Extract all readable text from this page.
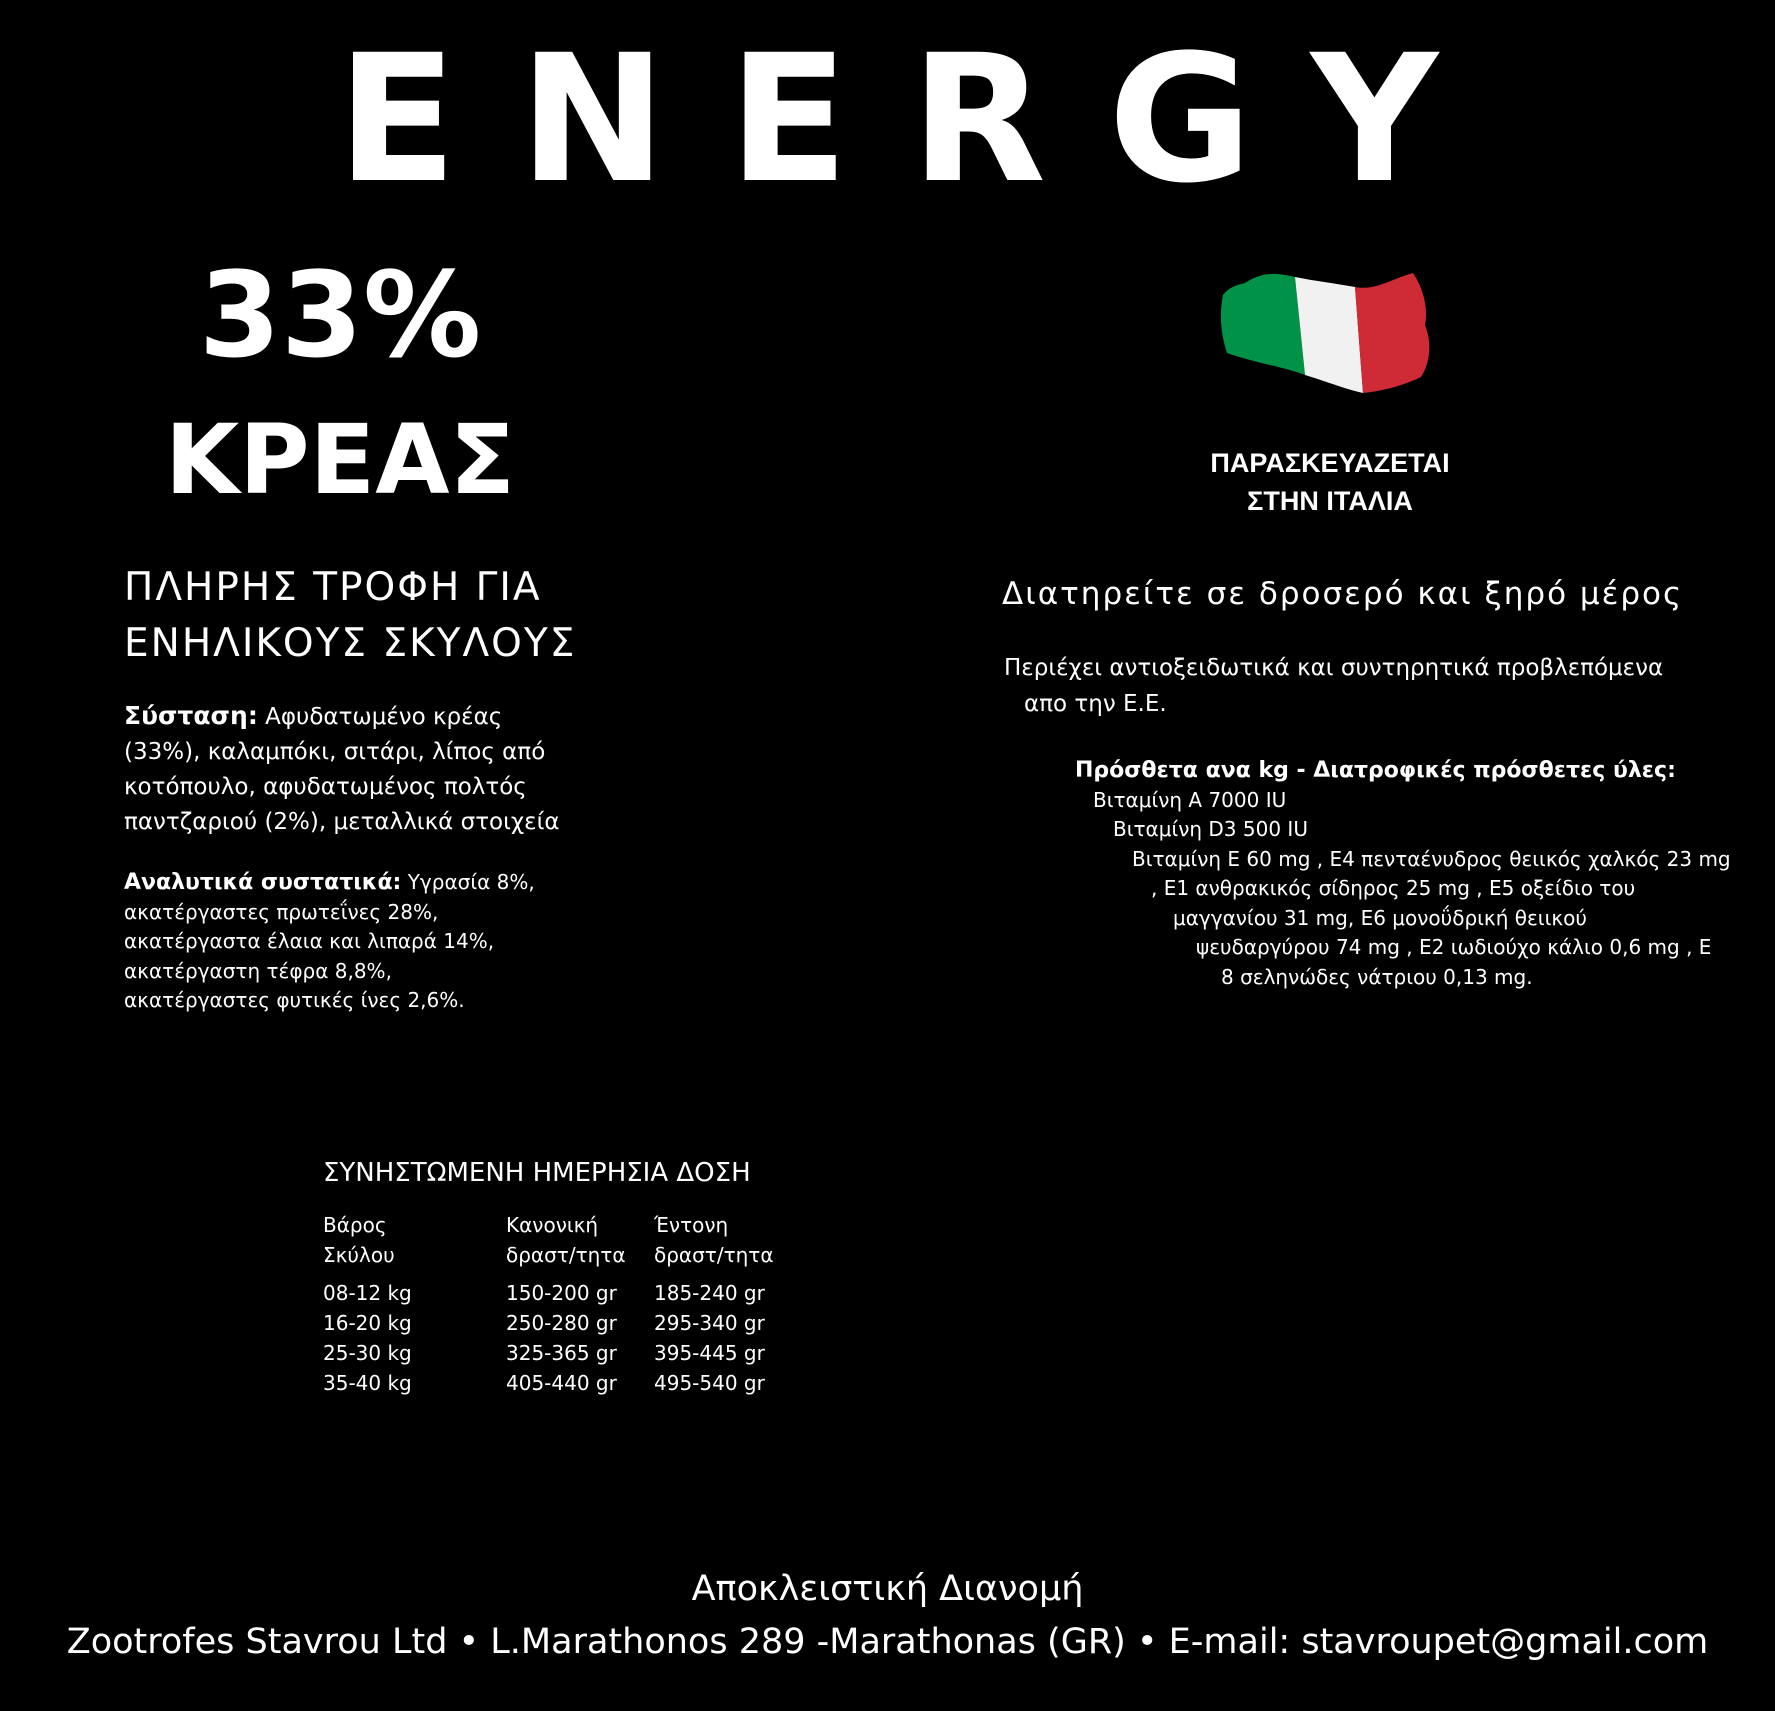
ENERGY
33%
ΚΡΕΑΣ	ΠΑΡΑΣΚΕΥΑΖΕΤΑΙ
ΣΤΗΝ ΙΤΑΛΙΑ
ΠΛΗΡΗΣ ΤΡΟΦΗ ΓΙΑ
ΕΝΗΛΙΚΟΥΣ ΣΚΥΛΟΥΣ
Διατηρείτε σε δροσερό και ξηρό μέρος
Περιέχει αντιοξειδωτικά και συντηρητικά προβλεπόμενα
απο την Ε.Ε.
Σύσταση: Αφυδατωμένο κρέας
(33%), καλαμπόκι, σιτάρι, λίπος από
κοτόπουλο, αφυδατωμένος πολτός
παντζαριού (2%), μεταλλικά στοιχεία
Αναλυτικά συστατικά: Υγρασία 8%,
ακατέργαστες πρωτεΐνες 28%,
ακατέργαστα έλαια και λιπαρά 14%,
ακατέργαστη τέφρα 8,8%,
ακατέργαστες φυτικές ίνες 2,6%.
Πρόσθετα ανα kg - Διατροφικές πρόσθετες ύλες:
Βιταμίνη A 7000 IU
Βιταμίνη D3 500 IU
Βιταμίνη E 60 mg , E4 πενταένυδρος θειικός χαλκός 23 mg
, E1 ανθρακικός σίδηρος 25 mg , E5 οξείδιο του
μαγγανίου 31 mg, E6 μονοΰδρική θειικού
ψευδαργύρου 74 mg , E2 ιωδιούχο κάλιο 0,6 mg , E
8 σεληνώδες νάτριου 0,13 mg.
ΣΥΝΗΣΤΩΜΕΝΗ ΗΜΕΡΗΣΙΑ ΔΟΣΗ
Βάρος
Σκύλου
08-12 kg
16-20 kg
25-30 kg
35-40 kg
Κανονική
δραστ/τητα
150-200 gr
250-280 gr
325-365 gr
405-440 gr
Έντονη
δραστ/τητα
185-240 gr
295-340 gr
395-445 gr
495-540 gr
Αποκλειστική Διανομή
Zootrofes Stavrou Ltd • L.Marathonos 289 -Marathonas (GR) • E-mail: stavroupet@gmail.com
